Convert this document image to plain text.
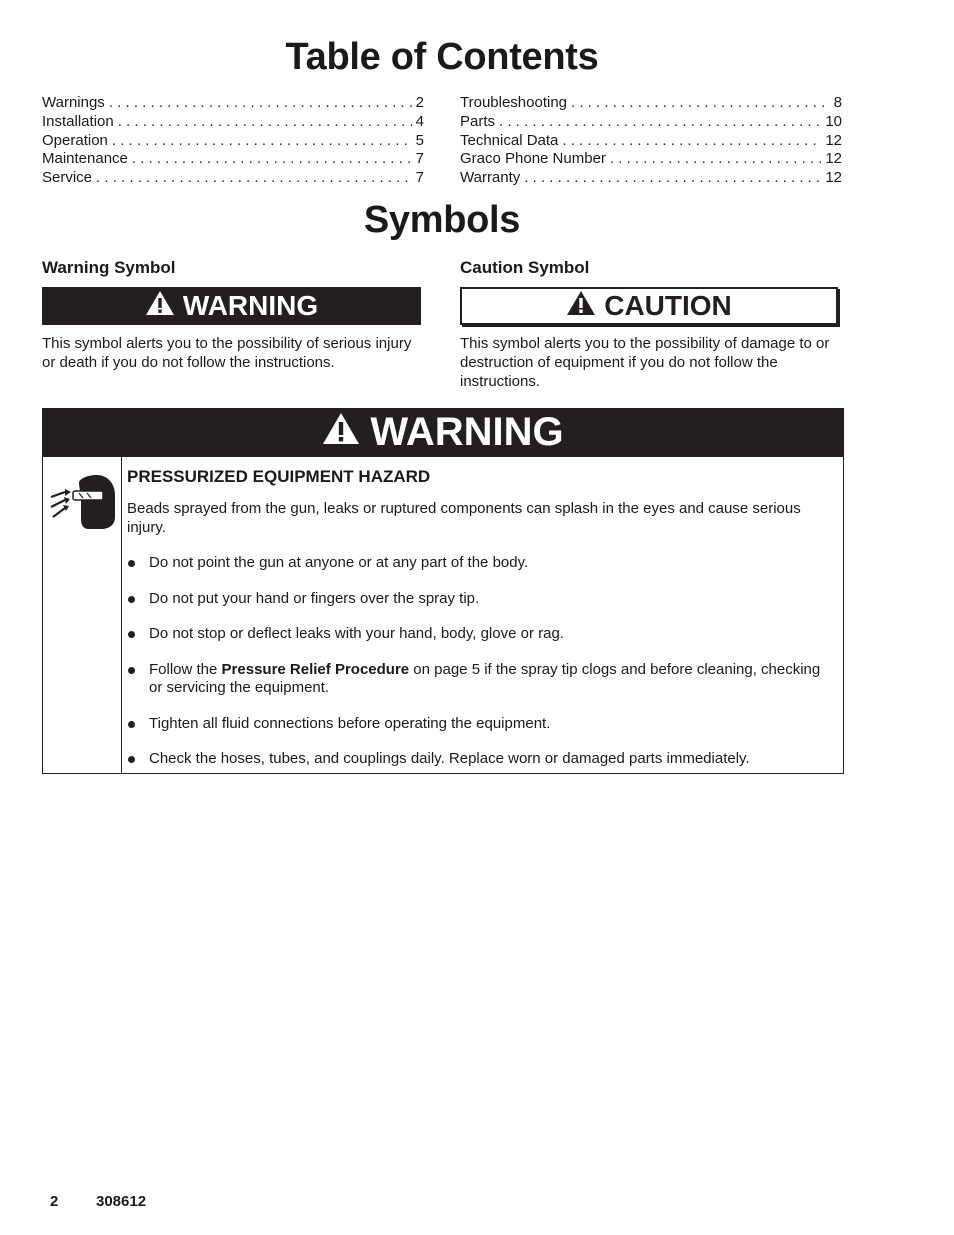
Table of Contents
Warnings . . .	2
Installation . . .	4
Operation . . .	5
Maintenance . . .	7
Service . . .	7
Troubleshooting . . .	8
Parts . . .	10
Technical Data . . .	12
Graco Phone Number . . .	12
Warranty . . .	12
Symbols
Warning Symbol
WARNING
This symbol alerts you to the possibility of serious injury or death if you do not follow the instructions.
Caution Symbol
CAUTION
This symbol alerts you to the possibility of damage to or destruction of equipment if you do not follow the instructions.
WARNING
PRESSURIZED EQUIPMENT HAZARD
Beads sprayed from the gun, leaks or ruptured components can splash in the eyes and cause serious injury.
Do not point the gun at anyone or at any part of the body.
Do not put your hand or fingers over the spray tip.
Do not stop or deflect leaks with your hand, body, glove or rag.
Follow the Pressure Relief Procedure on page 5 if the spray tip clogs and before cleaning, checking or servicing the equipment.
Tighten all fluid connections before operating the equipment.
Check the hoses, tubes, and couplings daily. Replace worn or damaged parts immediately.
2	308612
